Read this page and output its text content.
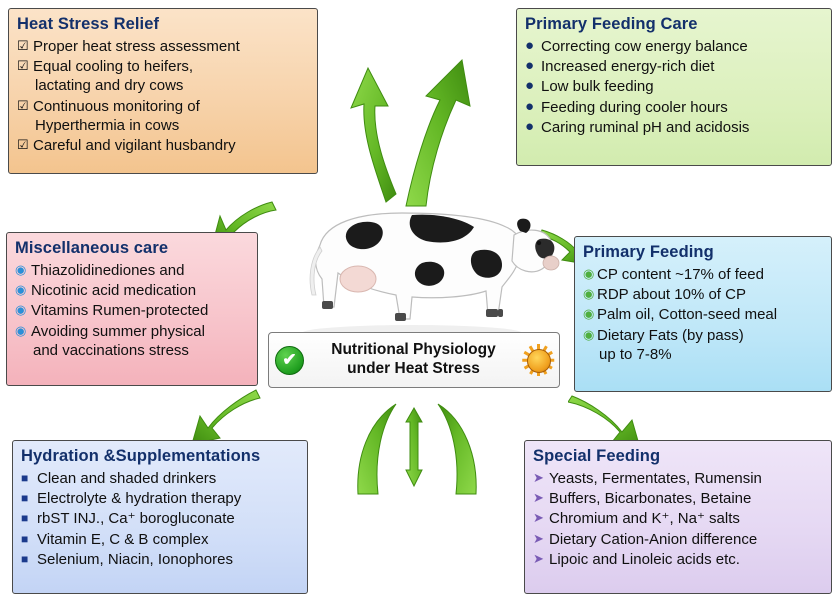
✔	Nutritional Physiology
under Heat Stress
Heat Stress Relief
☑ Proper heat stress assessment
☑ Equal cooling to heifers,
lactating and dry cows
☑ Continuous monitoring of
Hyperthermia in cows
☑ Careful and vigilant husbandry
Primary Feeding Care
● Correcting cow energy balance
● Increased energy-rich diet
● Low bulk feeding
● Feeding during cooler hours
● Caring ruminal pH and acidosis
Miscellaneous care
◉ Thiazolidinediones and
◉ Nicotinic acid medication
◉ Vitamins Rumen-protected
◉ Avoiding summer physical
and vaccinations stress
Primary Feeding
◉ CP content ~17% of feed
◉ RDP about 10% of CP
◉ Palm oil, Cotton-seed meal
◉ Dietary Fats (by pass)
up to 7-8%
Hydration &Supplementations
■ Clean and shaded drinkers
■ Electrolyte & hydration therapy
■ rbST INJ., Ca⁺ borogluconate
■ Vitamin E, C & B complex
■ Selenium, Niacin, Ionophores
Special Feeding
➤ Yeasts, Fermentates, Rumensin
➤ Buffers, Bicarbonates, Betaine
➤ Chromium and K⁺, Na⁺ salts
➤ Dietary Cation-Anion difference
➤ Lipoic and Linoleic acids etc.
